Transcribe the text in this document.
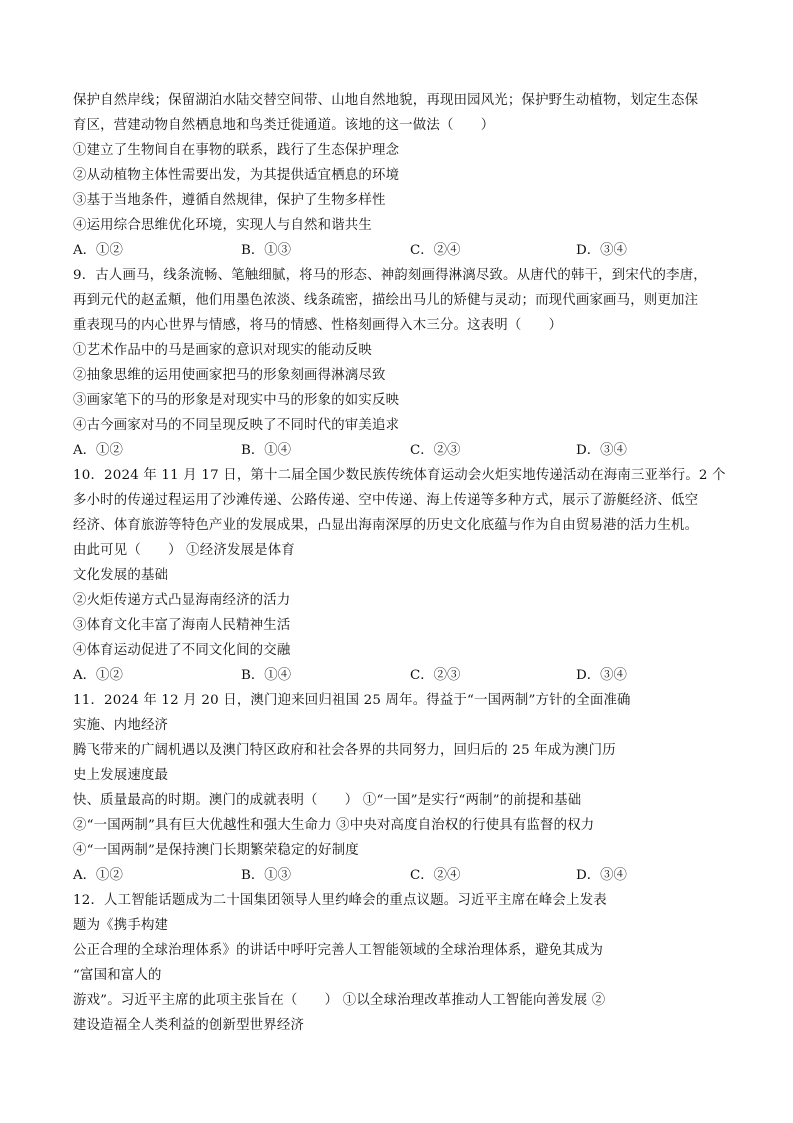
保护自然岸线；保留湖泊水陆交替空间带、山地自然地貌，再现田园风光；保护野生动植物，划定生态保
育区，营建动物自然栖息地和鸟类迁徙通道。该地的这一做法（　　）
①建立了生物间自在事物的联系，践行了生态保护理念
②从动植物主体性需要出发，为其提供适宜栖息的环境
③基于当地条件，遵循自然规律，保护了生物多样性
④运用综合思维优化环境，实现人与自然和谐共生
A．①②	B．①③	C．②④	D．③④
9．古人画马，线条流畅、笔触细腻，将马的形态、神韵刻画得淋漓尽致。从唐代的韩干，到宋代的李唐，
再到元代的赵孟頫，他们用墨色浓淡、线条疏密，描绘出马儿的矫健与灵动；而现代画家画马，则更加注
重表现马的内心世界与情感，将马的情感、性格刻画得入木三分。这表明（　　）
①艺术作品中的马是画家的意识对现实的能动反映
②抽象思维的运用使画家把马的形象刻画得淋漓尽致
③画家笔下的马的形象是对现实中马的形象的如实反映
④古今画家对马的不同呈现反映了不同时代的审美追求
A．①②	B．①④	C．②③	D．③④
10．2024 年 11 月 17 日，第十二届全国少数民族传统体育运动会火炬实地传递活动在海南三亚举行。2 个
多小时的传递过程运用了沙滩传递、公路传递、空中传递、海上传递等多种方式，展示了游艇经济、低空
经济、体育旅游等特色产业的发展成果，凸显出海南深厚的历史文化底蕴与作为自由贸易港的活力生机。
由此可见（　　） ①经济发展是体育
文化发展的基础
②火炬传递方式凸显海南经济的活力
③体育文化丰富了海南人民精神生活
④体育运动促进了不同文化间的交融
A．①②	B．①④	C．②③	D．③④
11．2024 年 12 月 20 日，澳门迎来回归祖国 25 周年。得益于“一国两制”方针的全面准确
实施、内地经济
腾飞带来的广阔机遇以及澳门特区政府和社会各界的共同努力，回归后的 25 年成为澳门历
史上发展速度最
快、质量最高的时期。澳门的成就表明（　　） ①“一国”是实行“两制”的前提和基础
②“一国两制”具有巨大优越性和强大生命力 ③中央对高度自治权的行使具有监督的权力
④“一国两制”是保持澳门长期繁荣稳定的好制度
A．①②	B．①③	C．②④	D．③④
12．人工智能话题成为二十国集团领导人里约峰会的重点议题。习近平主席在峰会上发表
题为《携手构建
公正合理的全球治理体系》的讲话中呼吁完善人工智能领域的全球治理体系，避免其成为
“富国和富人的
游戏”。习近平主席的此项主张旨在（　　） ①以全球治理改革推动人工智能向善发展 ②
建设造福全人类利益的创新型世界经济
